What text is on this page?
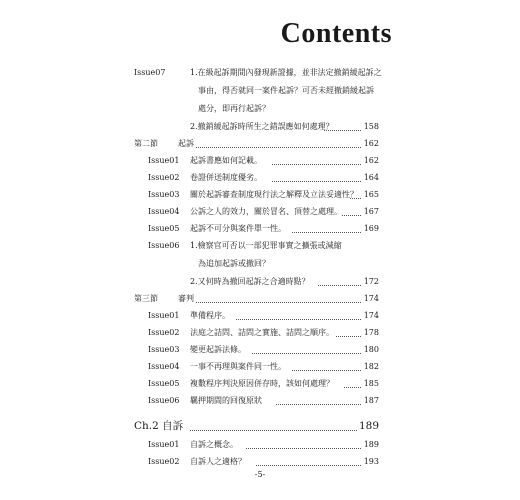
Contents
Issue07	1.在級起訴期間內發現新證據，並非法定撤銷緩起訴之
事由，得否就同一案件起訴？可否未經撤銷緩起訴
處分，即再行起訴？
2.撤銷緩起訴時所生之錯誤應如何處理？	158
第二節	起訴	162
Issue01 起訴書應如何記載。	162
Issue02 卷證併送制度優劣。	164
Issue03 關於起訴審查制度現行法之解釋及立法妥適性？ 165
Issue04 公訴之人的效力，關於冒名、頂替之處理。	167
Issue05 起訴不可分與案件單一性。	169
Issue06 1.檢察官可否以一部犯罪事實之擴張或減縮
為追加起訴或撤回？
2.又何時為撤回起訴之合適時點？	172
第三節	審判	174
Issue01 準備程序。	174
Issue02 法庭之詰問、詰問之實施、詰問之順序。	178
Issue03 變更起訴法條。	180
Issue04 一事不再理與案件同一性。	182
Issue05 複數程序判決原因併存時，該如何處理？	185
Issue06 羈押期間的回復原狀	187
Ch.2 自訴	189
Issue01 自訴之概念。	189
Issue02 自訴人之適格？	193
-5-
